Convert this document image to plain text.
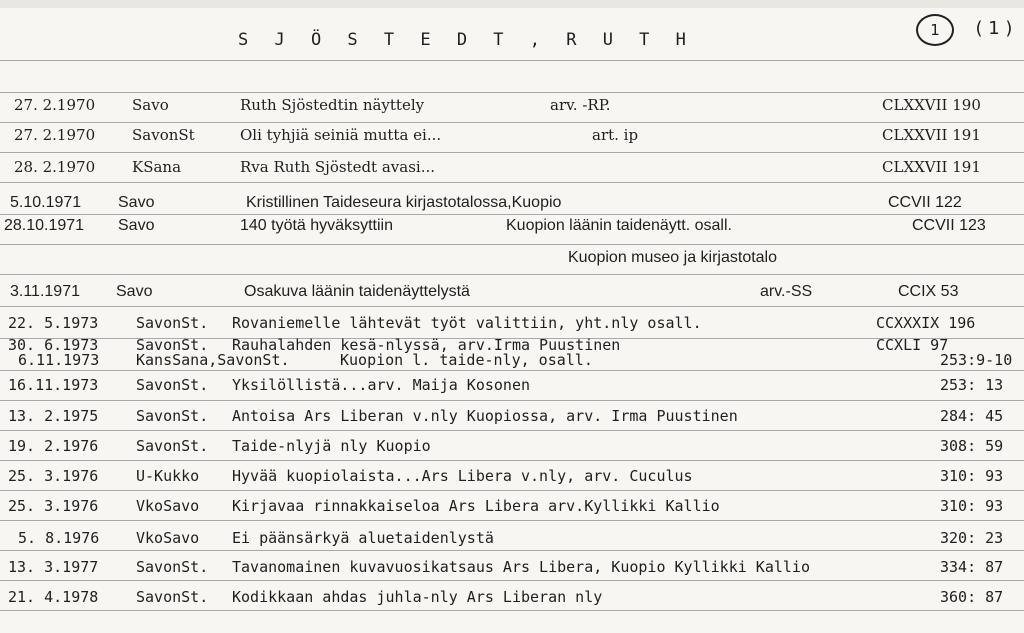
S J Ö S T E D T , R U T H	1	( 1 )
27. 2.1970 Savo	Ruth Sjöstedtin näyttely	arv. -RP.	CLXXVII 190
27. 2.1970 SavonSt	Oli tyhjiä seiniä mutta ei...	art. ip	CLXXVII 191
28. 2.1970 KSana	Rva Ruth Sjöstedt avasi...	CLXXVII 191
5.10.1971 Savo	Kristillinen Taideseura kirjastotalossa,Kuopio	CCVII 122
28.10.1971 Savo	140 työtä hyväksyttiin	Kuopion läänin taidenäytt. osall.	CCVII 123
Kuopion museo ja kirjastotalo
3.11.1971 Savo	Osakuva läänin taidenäyttelystä	arv.-SS	CCIX 53
22. 5.1973	SavonSt. Rovaniemelle lähtevät työt valittiin, yht.nly osall.	CCXXXIX 196
30. 6.1973	SavonSt. Rauhalahden kesä-nlyssä, arv.Irma Puustinen	CCXLI 97
6.11.1973 KansSana,SavonSt.	Kuopion l. taide-nly, osall.	253:9-10
16.11.1973	SavonSt. Yksilöllistä...arv. Maija Kosonen	253: 13
13. 2.1975	SavonSt. Antoisa Ars Liberan v.nly Kuopiossa, arv. Irma Puustinen	284: 45
19. 2.1976	SavonSt. Taide-nlyjä nly Kuopio	308: 59
25. 3.1976	U-Kukko Hyvää kuopiolaista...Ars Libera v.nly, arv. Cuculus	310: 93
25. 3.1976	VkoSavo Kirjavaa rinnakkaiseloa Ars Libera arv.Kyllikki Kallio	310: 93
5. 8.1976 VkoSavo Ei päänsärkyä aluetaidenlystä	320: 23
13. 3.1977	SavonSt. Tavanomainen kuvavuosikatsaus Ars Libera, Kuopio Kyllikki Kallio	334: 87
21. 4.1978	SavonSt. Kodikkaan ahdas juhla-nly Ars Liberan nly	360: 87
